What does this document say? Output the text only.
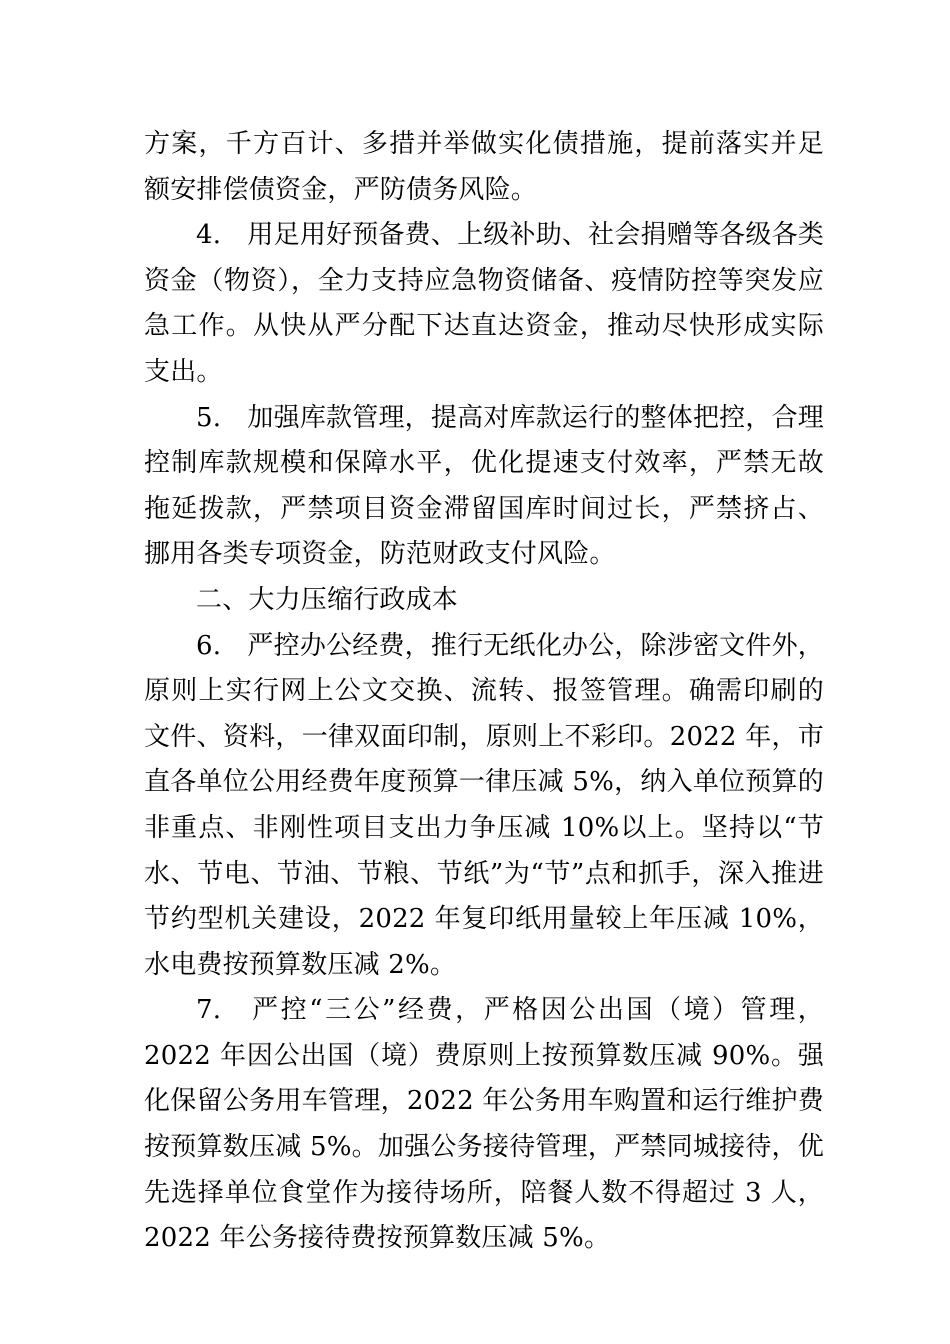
方案，千方百计、多措并举做实化债措施，提前落实并足额安排偿债资金，严防债务风险。

4.　用足用好预备费、上级补助、社会捐赠等各级各类资金（物资），全力支持应急物资储备、疫情防控等突发应急工作。从快从严分配下达直达资金，推动尽快形成实际支出。

5.　加强库款管理，提高对库款运行的整体把控，合理控制库款规模和保障水平，优化提速支付效率，严禁无故拖延拨款，严禁项目资金滞留国库时间过长，严禁挤占、挪用各类专项资金，防范财政支付风险。

二、大力压缩行政成本

6.　严控办公经费，推行无纸化办公，除涉密文件外，原则上实行网上公文交换、流转、报签管理。确需印刷的文件、资料，一律双面印制，原则上不彩印。2022 年，市直各单位公用经费年度预算一律压减 5%，纳入单位预算的非重点、非刚性项目支出力争压减 10%以上。坚持以“节水、节电、节油、节粮、节纸”为“节”点和抓手，深入推进节约型机关建设，2022 年复印纸用量较上年压减 10%，水电费按预算数压减 2%。

7.　严控“三公”经费，严格因公出国（境）管理，2022 年因公出国（境）费原则上按预算数压减 90%。强化保留公务用车管理，2022 年公务用车购置和运行维护费按预算数压减 5%。加强公务接待管理，严禁同城接待，优先选择单位食堂作为接待场所，陪餐人数不得超过 3 人，2022 年公务接待费按预算数压减 5%。
